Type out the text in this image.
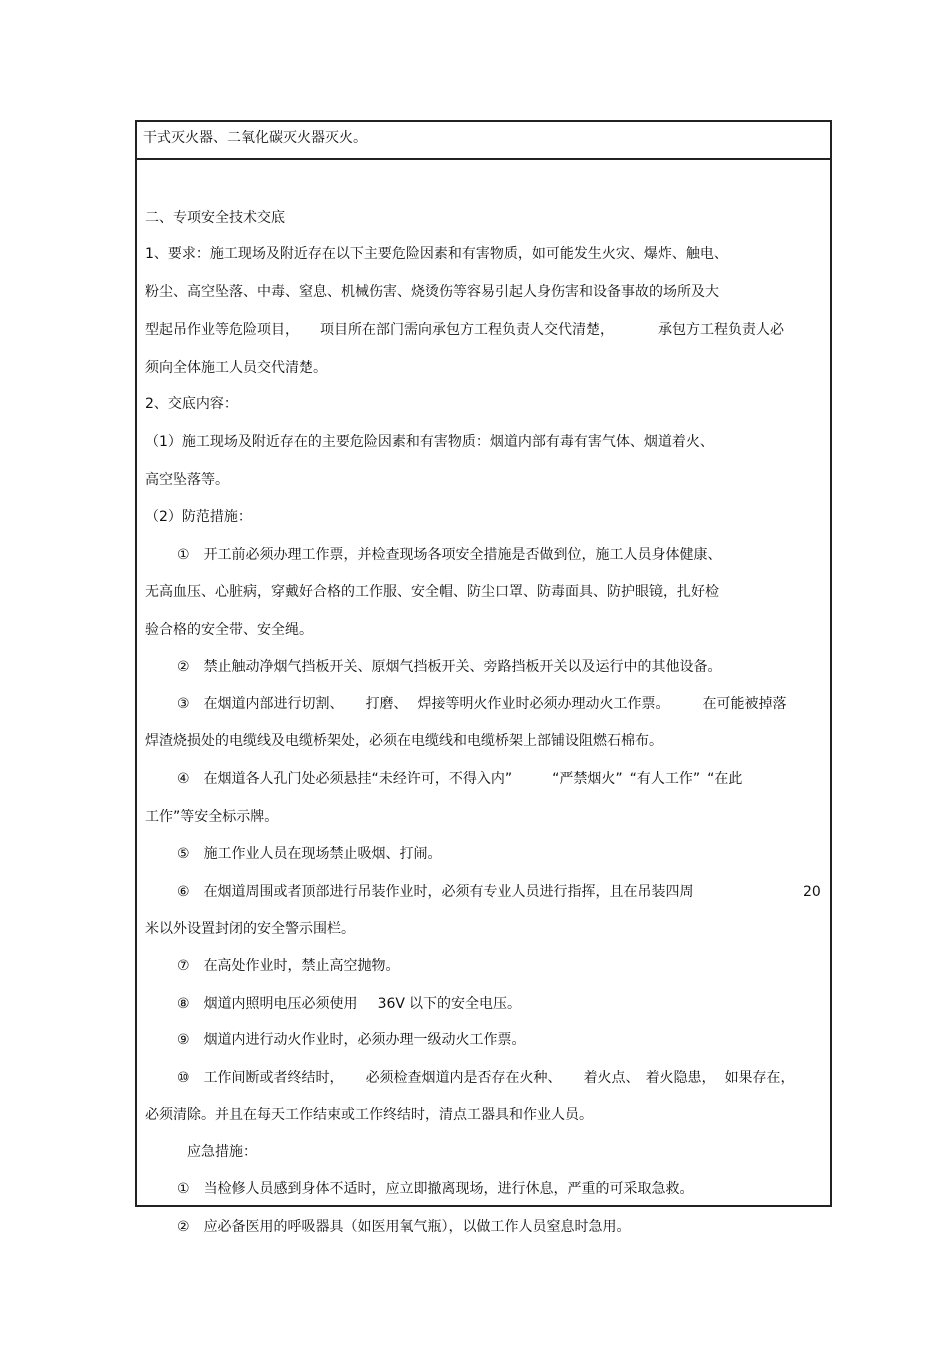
干式灭火器、二氧化碳灭火器灭火。
二、专项安全技术交底
1、要求：施工现场及附近存在以下主要危险因素和有害物质，如可能发生火灾、爆炸、触电、
粉尘、高空坠落、中毒、窒息、机械伤害、烧烫伤等容易引起人身伤害和设备事故的场所及大
型起吊作业等危险项目， 项目所在部门需向承包方工程负责人交代清楚，	承包方工程负责人必
须向全体施工人员交代清楚。
2、交底内容：
（1）施工现场及附近存在的主要危险因素和有害物质：烟道内部有毒有害气体、烟道着火、
高空坠落等。
（2）防范措施：
① 开工前必须办理工作票，并检查现场各项安全措施是否做到位，施工人员身体健康、
无高血压、心脏病，穿戴好合格的工作服、安全帽、防尘口罩、防毒面具、防护眼镜，扎好检
验合格的安全带、安全绳。
② 禁止触动净烟气挡板开关、原烟气挡板开关、旁路挡板开关以及运行中的其他设备。
③ 在烟道内部进行切割、 打磨、 焊接等明火作业时必须办理动火工作票。 在可能被掉落
焊渣烧损处的电缆线及电缆桥架处，必须在电缆线和电缆桥架上部铺设阻燃石棉布。
④ 在烟道各人孔门处必须悬挂“未经许可，不得入内”	“严禁烟火” “有人工作” “在此
工作”等安全标示牌。
⑤ 施工作业人员在现场禁止吸烟、打闹。
⑥ 在烟道周围或者顶部进行吊装作业时，必须有专业人员进行指挥，且在吊装四周	20
米以外设置封闭的安全警示围栏。
⑦ 在高处作业时，禁止高空抛物。
⑧ 烟道内照明电压必须使用 36V 以下的安全电压。
⑨ 烟道内进行动火作业时，必须办理一级动火工作票。
⑩ 工作间断或者终结时， 必须检查烟道内是否存在火种、 着火点、 着火隐患， 如果存在，
必须清除。并且在每天工作结束或工作终结时，清点工器具和作业人员。
应急措施：
① 当检修人员感到身体不适时，应立即撤离现场，进行休息，严重的可采取急救。
② 应必备医用的呼吸器具（如医用氧气瓶），以做工作人员窒息时急用。
